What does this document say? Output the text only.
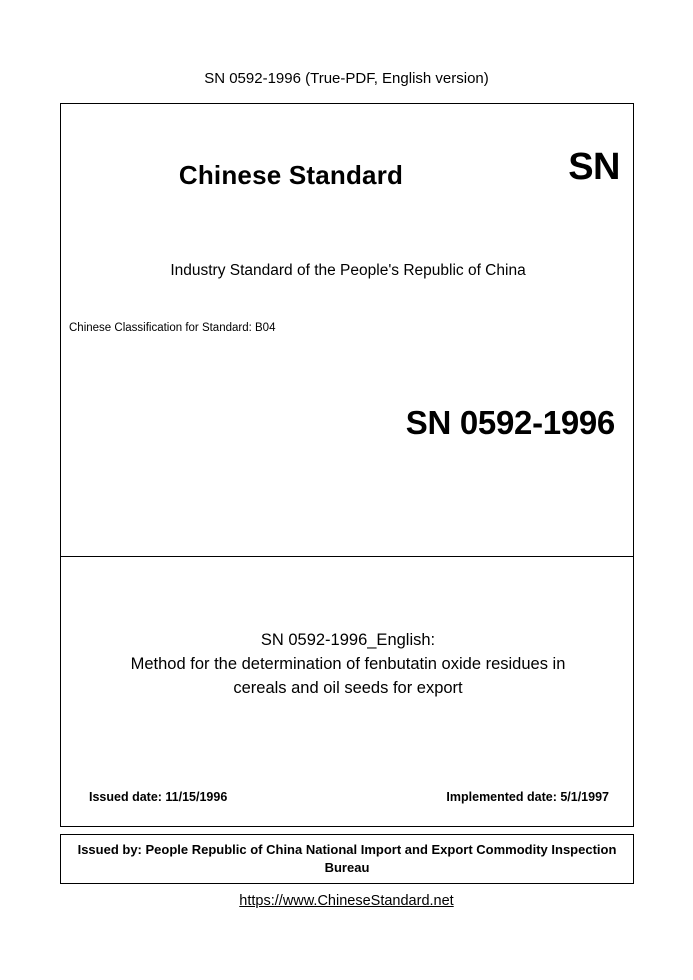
SN 0592-1996 (True-PDF, English version)
Chinese Standard	SN
Industry Standard of the People's Republic of China
Chinese Classification for Standard: B04
SN 0592-1996
SN 0592-1996_English:
Method for the determination of fenbutatin oxide residues in
cereals and oil seeds for export
Issued date: 11/15/1996	Implemented date: 5/1/1997
Issued by: People Republic of China National Import and Export Commodity Inspection Bureau
https://www.ChineseStandard.net
